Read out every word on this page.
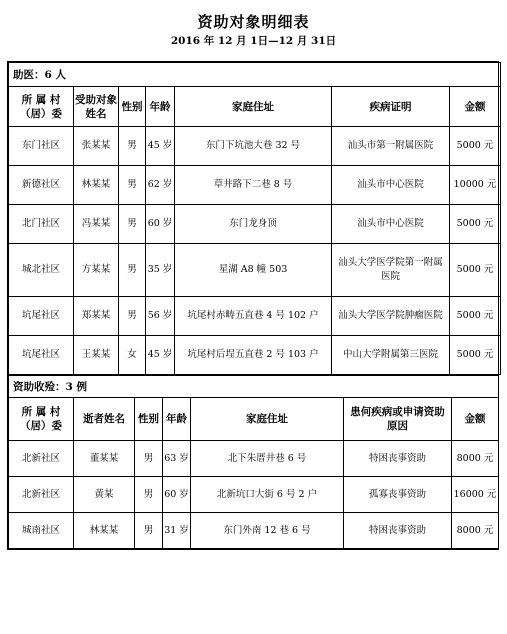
资助对象明细表
2016 年 12 月 1日—12 月 31日
助医：6 人						
所 属 村（居）委	受助对象姓名	性别	年龄	家庭住址	疾病证明	金额
东门社区	张某某	男	45 岁	东门下坑池大巷 32 号	汕头市第一附属医院	5000 元
新德社区	林某某	男	62 岁	草井路下二巷 8 号	汕头市中心医院	10000 元
北门社区	冯某某	男	60 岁	东门龙身顶	汕头市中心医院	5000 元
城北社区	方某某	男	35 岁	星湖 A8 幢 503	汕头大学医学院第一附属医院	5000 元
坑尾社区	郑某某	男	56 岁	坑尾村赤畴五直巷 4 号 102 户	汕头大学医学院肿瘤医院	5000 元
坑尾社区	王某某	女	45 岁	坑尾村后埕五直巷 2 号 103 户	中山大学附属第三医院	5000 元
资助收殓：3 例						
所 属 村（居）委	逝者姓名	性别	年龄	家庭住址	患何疾病或申请资助原因	金额
北新社区	董某某	男	63 岁	北下朱厝井巷 6 号	特困丧事资助	8000 元
北新社区	黄某	男	60 岁	北新坑口大街 6 号 2 户	孤寡丧事资助	16000 元
城南社区	林某某	男	31 岁	东门外南 12 巷 6 号	特困丧事资助	8000 元
